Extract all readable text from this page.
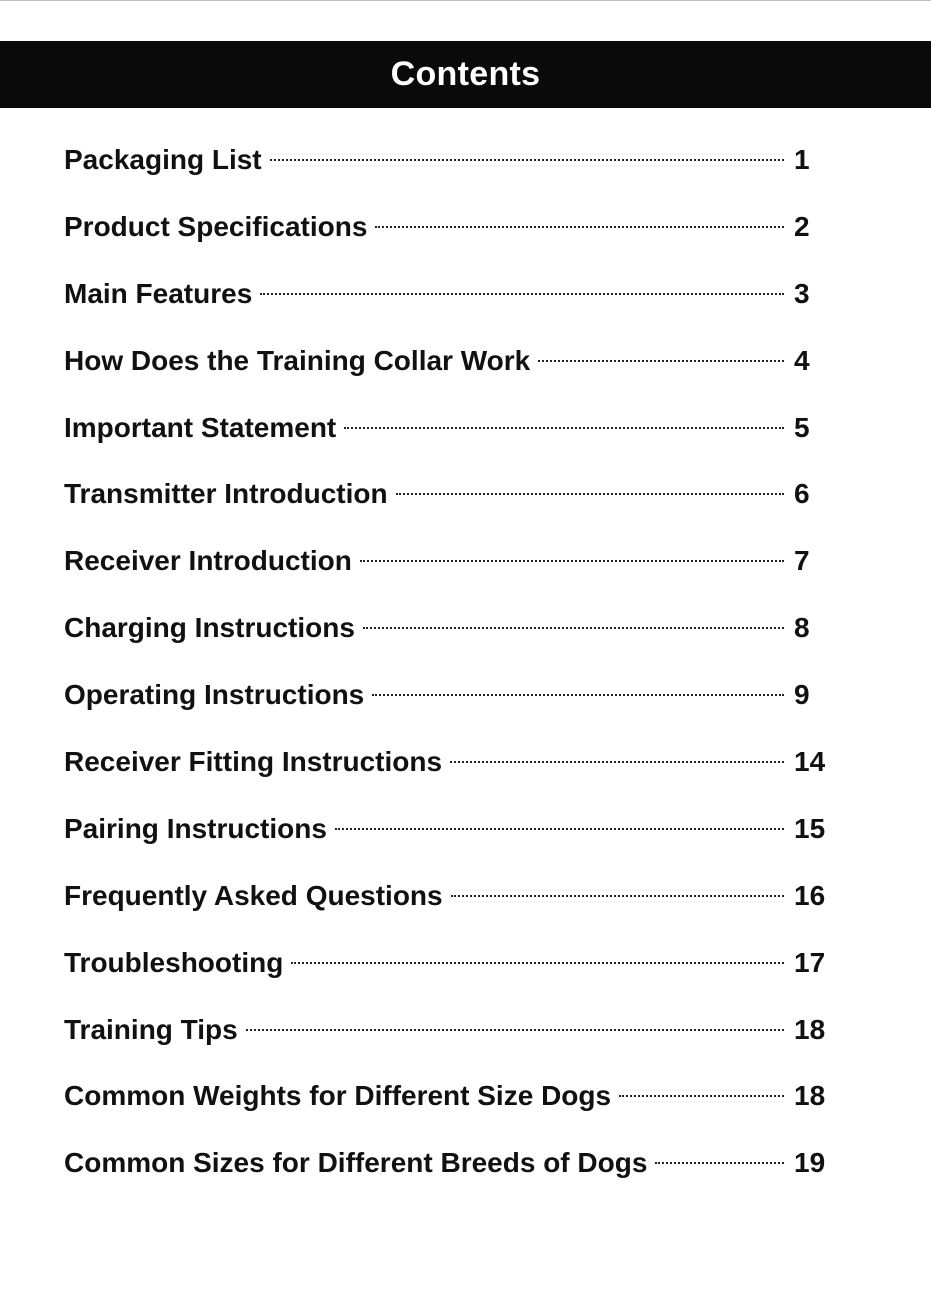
Contents
Packaging List	1
Product Specifications	2
Main Features	3
How Does the Training Collar Work	4
Important Statement	5
Transmitter Introduction	6
Receiver Introduction	7
Charging Instructions	8
Operating Instructions	9
Receiver Fitting Instructions	14
Pairing Instructions	15
Frequently Asked Questions	16
Troubleshooting	17
Training Tips	18
Common Weights for Different Size Dogs	18
Common Sizes for Different Breeds of Dogs	19
